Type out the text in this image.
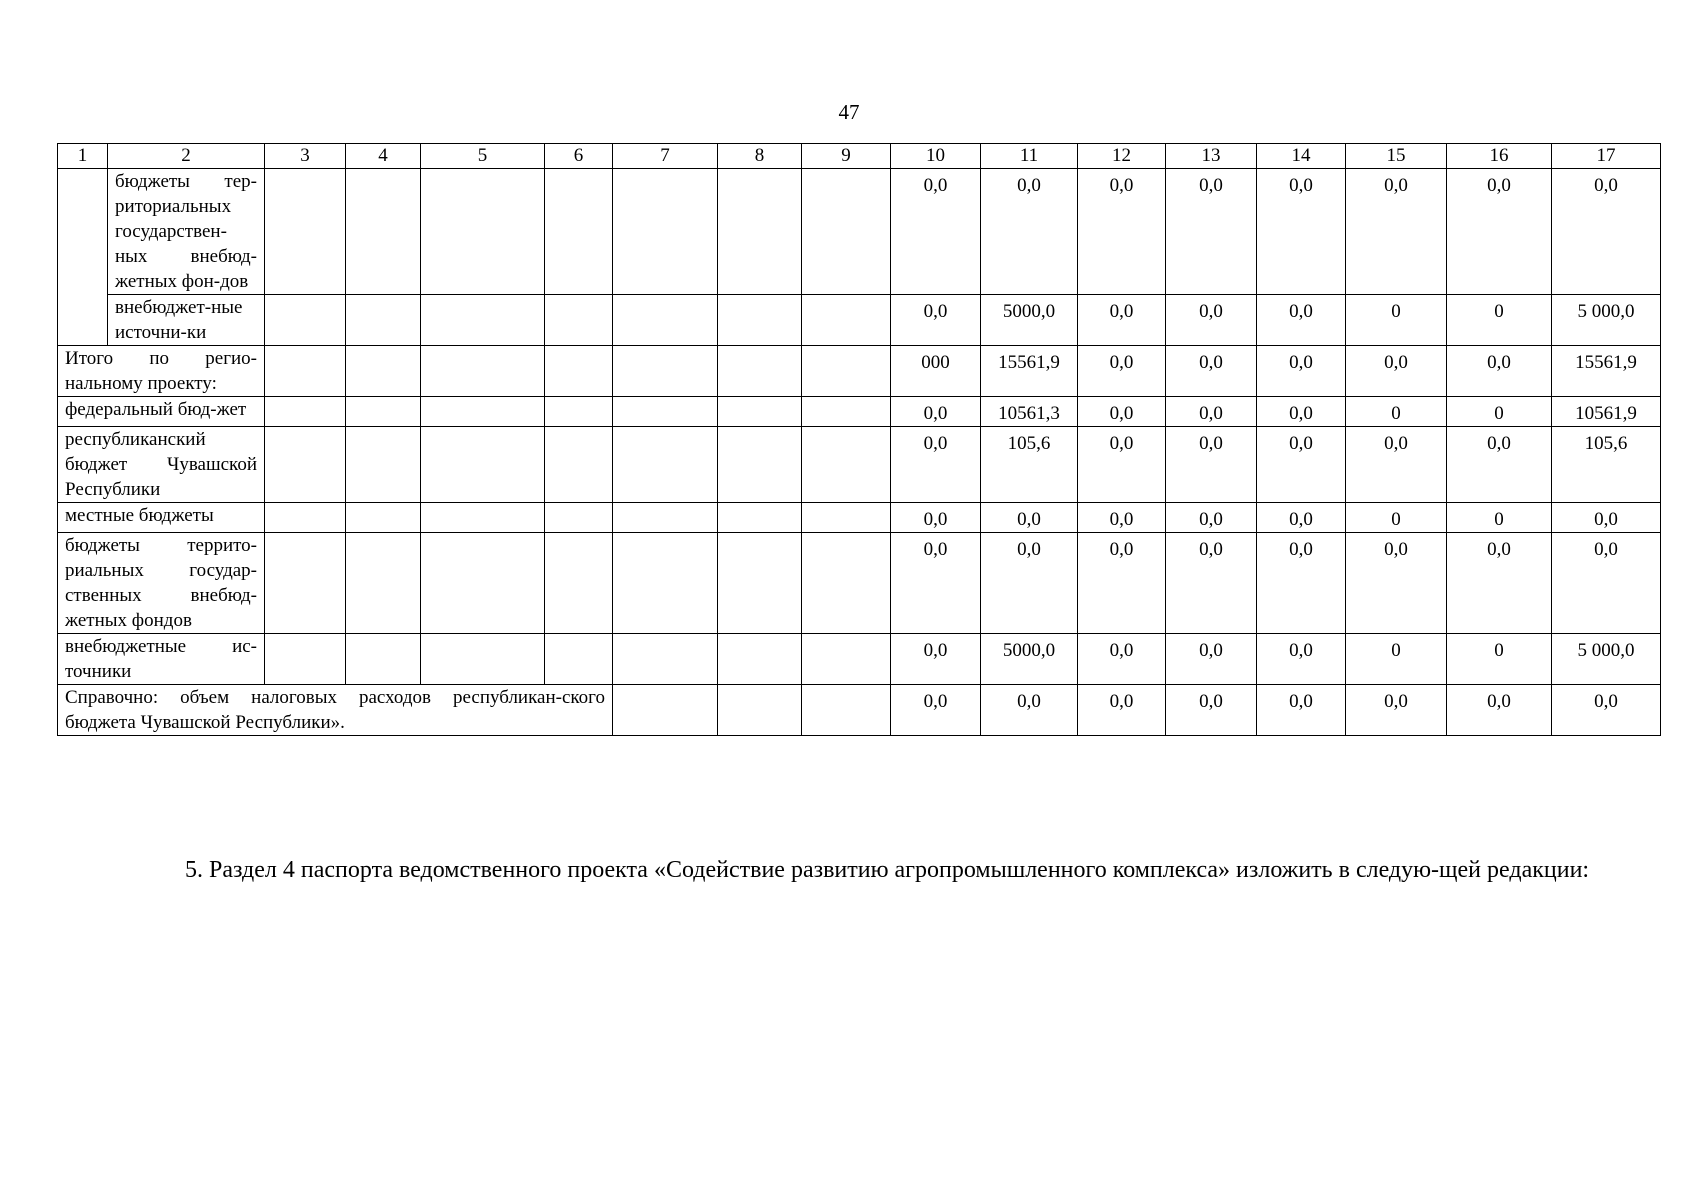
47
1	2	3	4	5	6	7	8	9	10	11	12	13	14	15	16	17
	бюджеты тер-риториальных государствен-ных внебюд-жетных фон-дов								0,0	0,0	0,0	0,0	0,0	0,0	0,0	0,0
	внебюджет-ные источни-ки								0,0	5000,0	0,0	0,0	0,0	0	0	5 000,0
Итого по регио-нальному проекту:									000	15561,9	0,0	0,0	0,0	0,0	0,0	15561,9
федеральный бюд-жет									0,0	10561,3	0,0	0,0	0,0	0	0	10561,9
республиканский бюджет Чувашской Республики									0,0	105,6	0,0	0,0	0,0	0,0	0,0	105,6
местные бюджеты									0,0	0,0	0,0	0,0	0,0	0	0	0,0
бюджеты террито-риальных государ-ственных внебюд-жетных фондов									0,0	0,0	0,0	0,0	0,0	0,0	0,0	0,0
внебюджетные ис-точники									0,0	5000,0	0,0	0,0	0,0	0	0	5 000,0
Справочно: объем налоговых расходов республикан-ского бюджета Чувашской Республики».									0,0	0,0	0,0	0,0	0,0	0,0	0,0	0,0
5. Раздел 4 паспорта ведомственного проекта «Содействие развитию агропромышленного комплекса» изложить в следую-щей редакции:
